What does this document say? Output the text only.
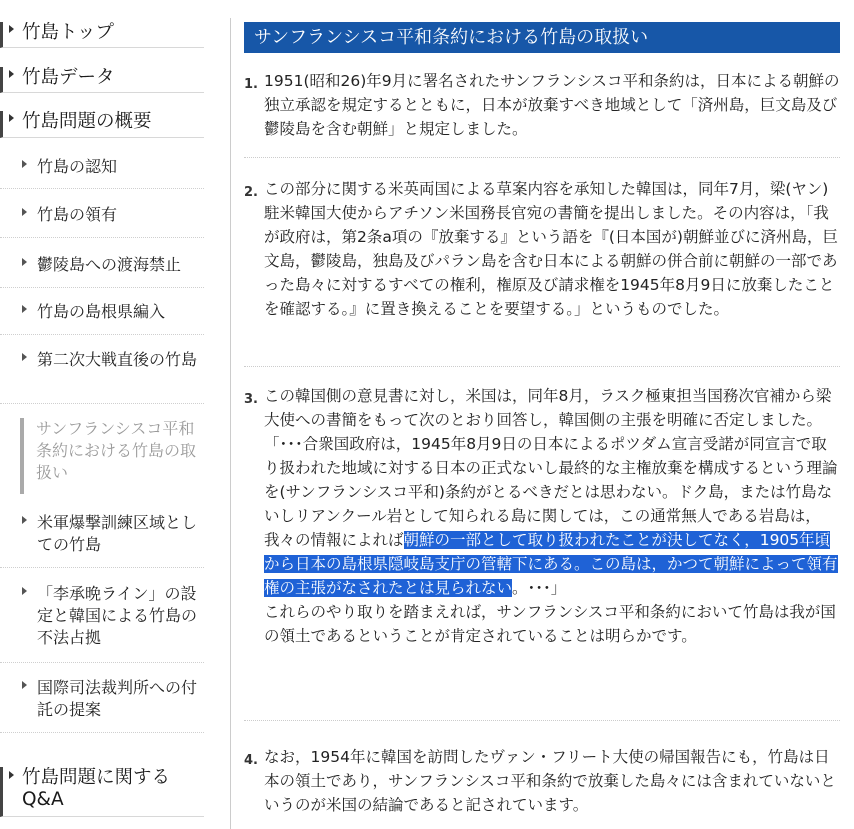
竹島トップ
竹島データ
竹島問題の概要
竹島の認知
竹島の領有
鬱陵島への渡海禁止
竹島の島根県編入
第二次大戦直後の竹島
サンフランシスコ平和条約における竹島の取扱い
米軍爆撃訓練区域としての竹島
「李承晩ライン」の設定と韓国による竹島の不法占拠
国際司法裁判所への付託の提案
竹島問題に関するQ&A
サンフランシスコ平和条約における竹島の取扱い
1. 1951(昭和26)年9月に署名されたサンフランシスコ平和条約は，日本による朝鮮の独立承認を規定するとともに，日本が放棄すべき地域として「済州島，巨文島及び鬱陵島を含む朝鮮」と規定しました。
2. この部分に関する米英両国による草案内容を承知した韓国は，同年7月，梁(ヤン)駐米韓国大使からアチソン米国務長官宛の書簡を提出しました。その内容は，「我が政府は，第2条a項の『放棄する』という語を『(日本国が)朝鮮並びに済州島，巨文島，鬱陵島，独島及びパラン島を含む日本による朝鮮の併合前に朝鮮の一部であった島々に対するすべての権利，権原及び請求権を1945年8月9日に放棄したことを確認する。』に置き換えることを要望する。」というものでした。
3. この韓国側の意見書に対し，米国は，同年8月，ラスク極東担当国務次官補から梁大使への書簡をもって次のとおり回答し，韓国側の主張を明確に否定しました。
「･･･合衆国政府は，1945年8月9日の日本によるポツダム宣言受諾が同宣言で取り扱われた地域に対する日本の正式ないし最終的な主権放棄を構成するという理論を(サンフランシスコ平和)条約がとるべきだとは思わない。ドク島，または竹島ないしリアンクール岩として知られる島に関しては，この通常無人である岩島は，我々の情報によれば朝鮮の一部として取り扱われたことが決してなく，1905年頃から日本の島根県隠岐島支庁の管轄下にある。この島は，かつて朝鮮によって領有権の主張がなされたとは見られない。･･･」
これらのやり取りを踏まえれば，サンフランシスコ平和条約において竹島は我が国の領土であるということが肯定されていることは明らかです。
4. なお，1954年に韓国を訪問したヴァン・フリート大使の帰国報告にも，竹島は日本の領土であり，サンフランシスコ平和条約で放棄した島々には含まれていないというのが米国の結論であると記されています。
